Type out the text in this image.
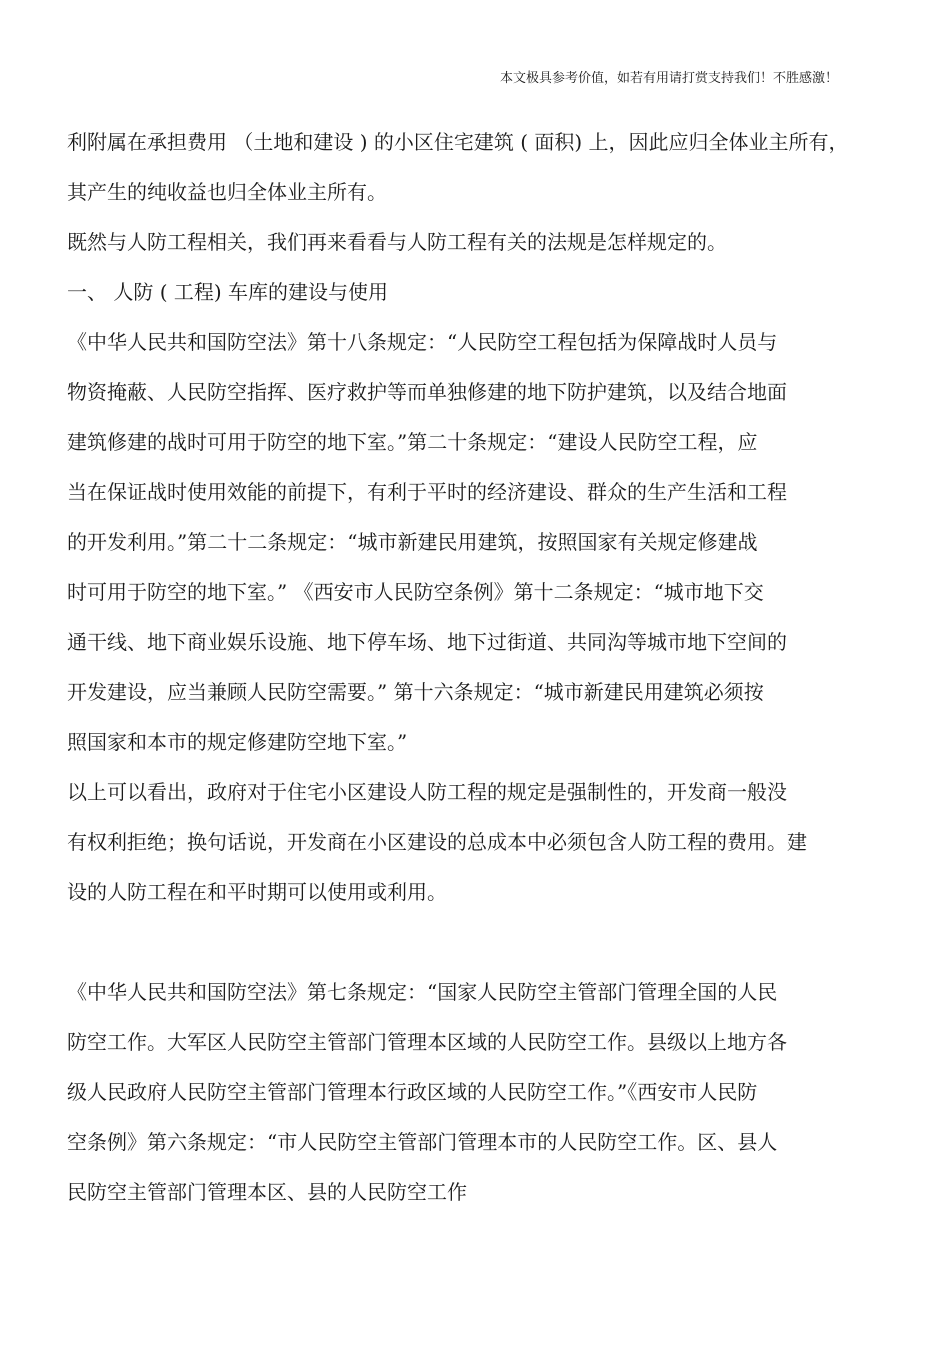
本文极具参考价值，如若有用请打赏支持我们！不胜感激！
利附属在承担费用 （土地和建设 ) 的小区住宅建筑 ( 面积) 上，因此应归全体业主所有，
其产生的纯收益也归全体业主所有。
既然与人防工程相关，我们再来看看与人防工程有关的法规是怎样规定的。
一、 人防 ( 工程) 车库的建设与使用
《中华人民共和国防空法》第十八条规定：“人民防空工程包括为保障战时人员与
物资掩蔽、人民防空指挥、医疗救护等而单独修建的地下防护建筑，以及结合地面
建筑修建的战时可用于防空的地下室。”第二十条规定：“建设人民防空工程，应
当在保证战时使用效能的前提下，有利于平时的经济建设、群众的生产生活和工程
的开发利用。”第二十二条规定：“城市新建民用建筑，按照国家有关规定修建战
时可用于防空的地下室。” 《西安市人民防空条例》第十二条规定：“城市地下交
通干线、地下商业娱乐设施、地下停车场、地下过街道、共同沟等城市地下空间的
开发建设，应当兼顾人民防空需要。” 第十六条规定：“城市新建民用建筑必须按
照国家和本市的规定修建防空地下室。”
以上可以看出，政府对于住宅小区建设人防工程的规定是强制性的，开发商一般没
有权利拒绝；换句话说，开发商在小区建设的总成本中必须包含人防工程的费用。建
设的人防工程在和平时期可以使用或利用。
《中华人民共和国防空法》第七条规定：“国家人民防空主管部门管理全国的人民
防空工作。大军区人民防空主管部门管理本区域的人民防空工作。县级以上地方各
级人民政府人民防空主管部门管理本行政区域的人民防空工作。”《西安市人民防
空条例》第六条规定：“市人民防空主管部门管理本市的人民防空工作。区、县人
民防空主管部门管理本区、县的人民防空工作
